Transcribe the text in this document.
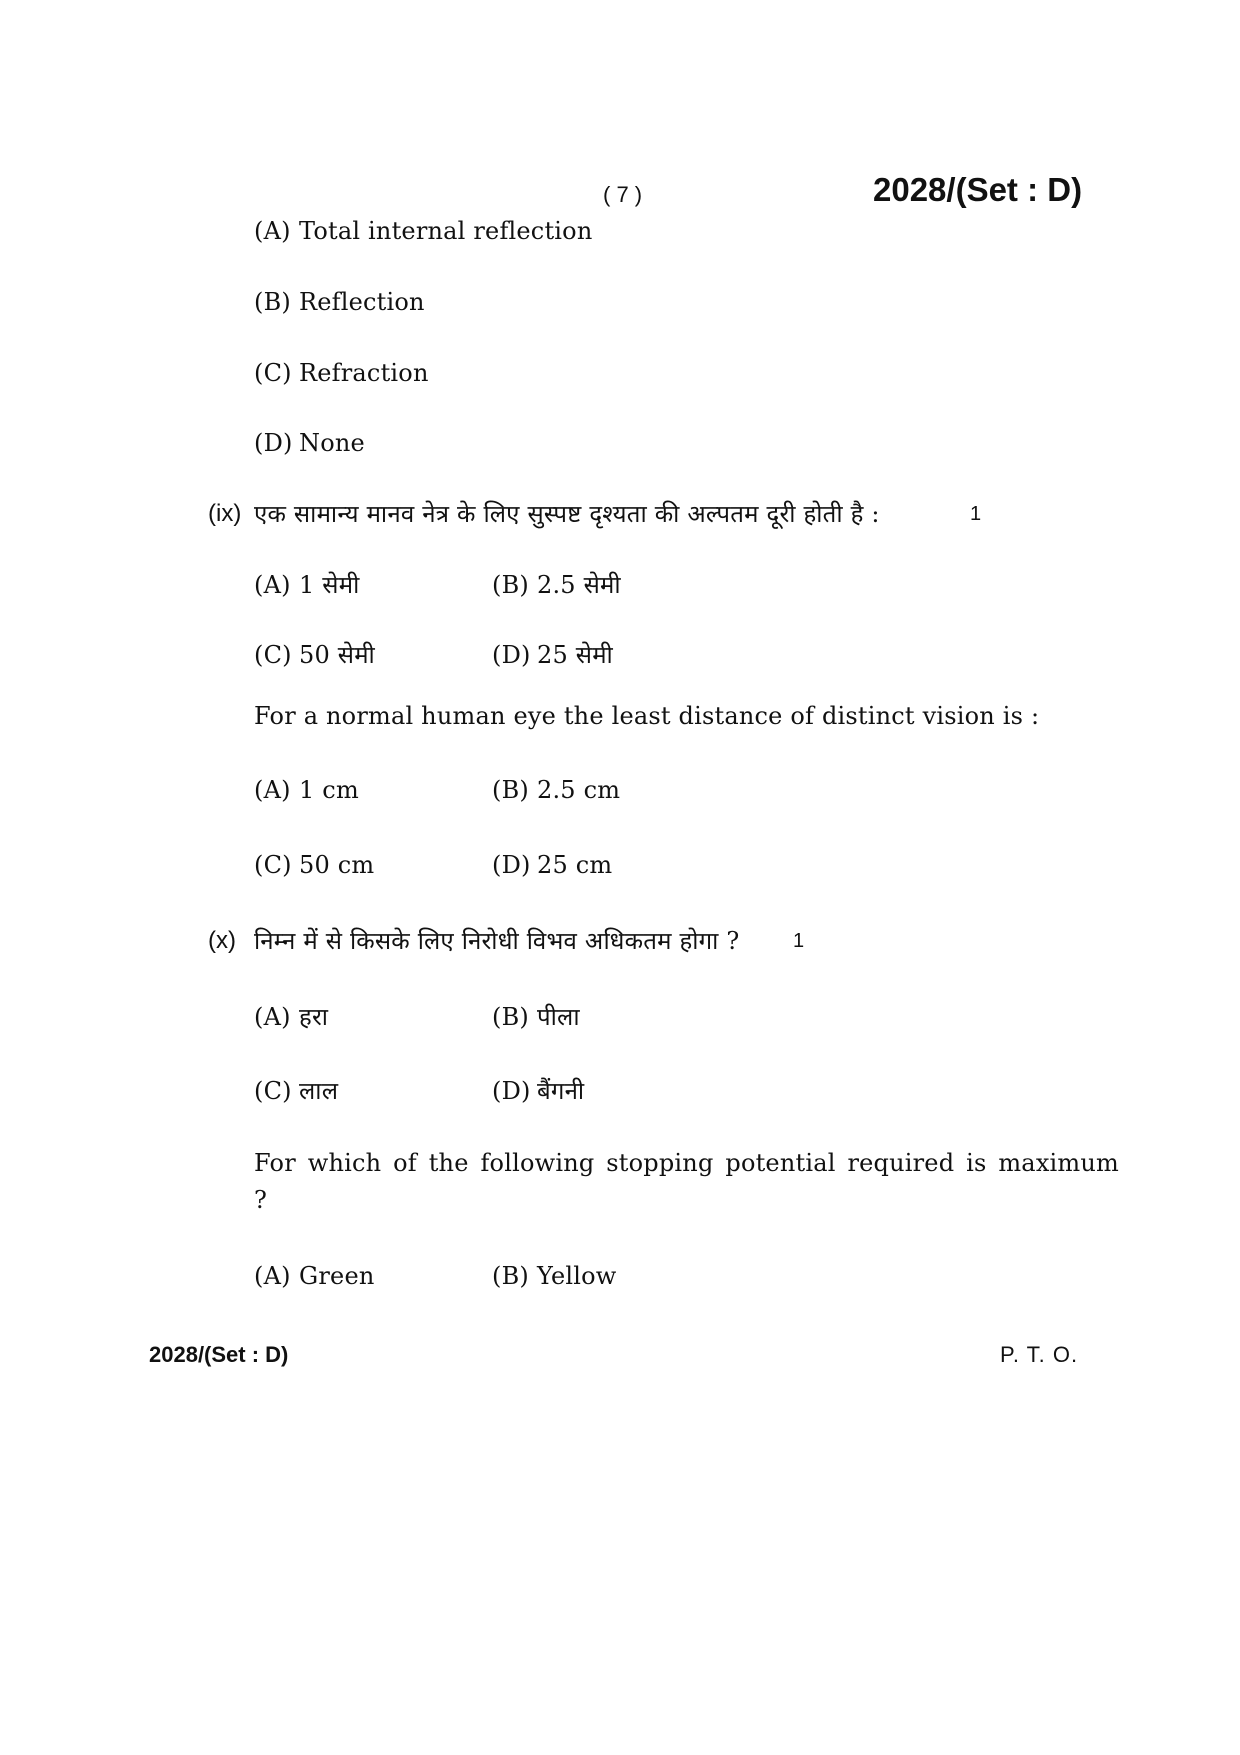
( 7 )	2028/(Set : D)
(A) Total internal reflection
(B) Reflection
(C) Refraction
(D) None
(ix) एक सामान्य मानव नेत्र के लिए सुस्पष्ट दृश्यता की अल्पतम दूरी होती है :	1
(A) 1 सेमी	(B) 2.5 सेमी
(C) 50 सेमी	(D) 25 सेमी
For a normal human eye the least distance of distinct vision is :
(A) 1 cm	(B) 2.5 cm
(C) 50 cm	(D) 25 cm
(x) निम्न में से किसके लिए निरोधी विभव अधिकतम होगा ?	1
(A) हरा	(B) पीला
(C) लाल	(D) बैंगनी
For which of the following stopping potential required is maximum
?
(A) Green	(B) Yellow
2028/(Set : D)	P. T. O.
